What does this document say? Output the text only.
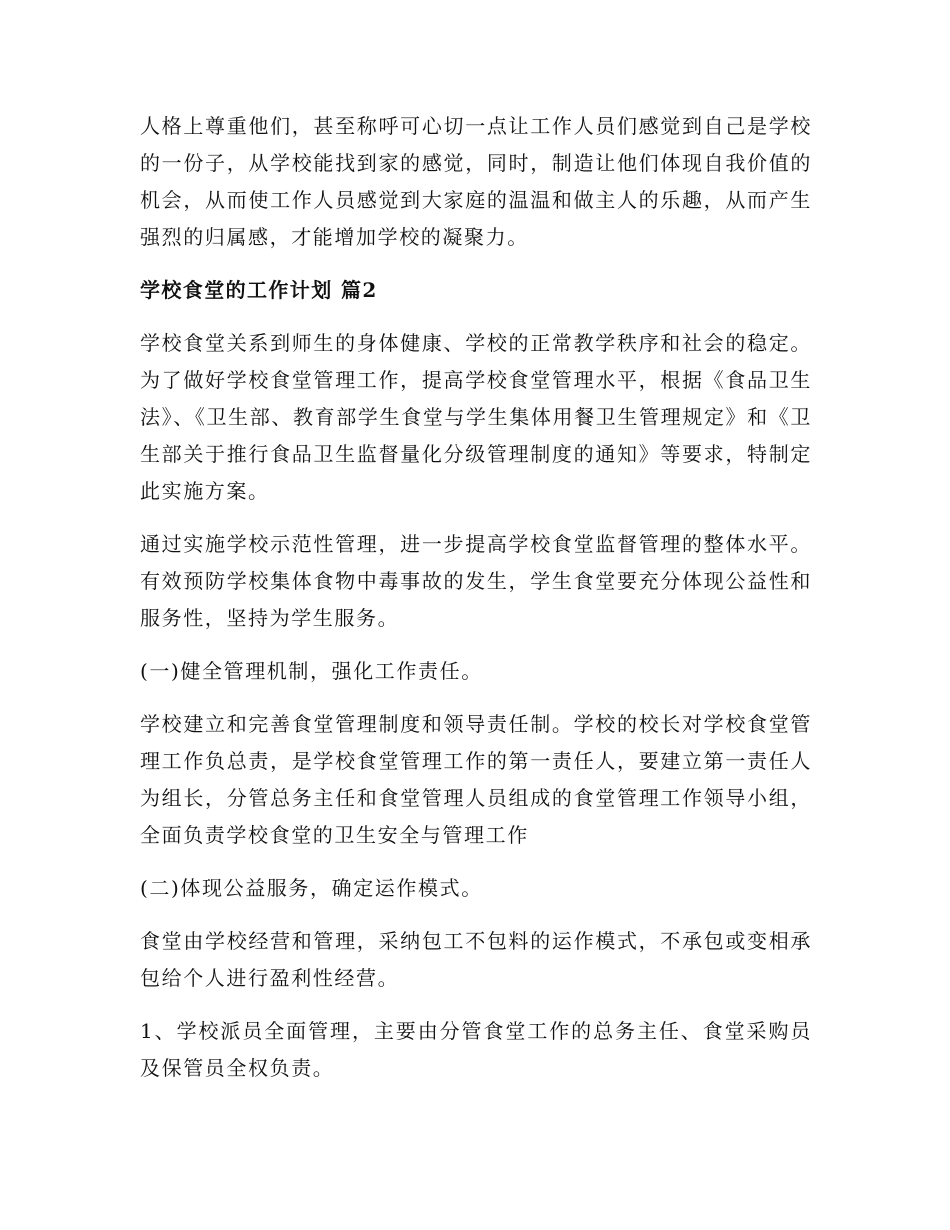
人格上尊重他们，甚至称呼可心切一点让工作人员们感觉到自己是学校的一份子，从学校能找到家的感觉，同时，制造让他们体现自我价值的机会，从而使工作人员感觉到大家庭的温温和做主人的乐趣，从而产生强烈的归属感，才能增加学校的凝聚力。

学校食堂的工作计划 篇2

学校食堂关系到师生的身体健康、学校的正常教学秩序和社会的稳定。为了做好学校食堂管理工作，提高学校食堂管理水平，根据《食品卫生法》、《卫生部、教育部学生食堂与学生集体用餐卫生管理规定》和《卫生部关于推行食品卫生监督量化分级管理制度的通知》等要求，特制定此实施方案。

通过实施学校示范性管理，进一步提高学校食堂监督管理的整体水平。有效预防学校集体食物中毒事故的发生，学生食堂要充分体现公益性和服务性，坚持为学生服务。

(一)健全管理机制，强化工作责任。

学校建立和完善食堂管理制度和领导责任制。学校的校长对学校食堂管理工作负总责，是学校食堂管理工作的第一责任人，要建立第一责任人为组长，分管总务主任和食堂管理人员组成的食堂管理工作领导小组，全面负责学校食堂的卫生安全与管理工作

(二)体现公益服务，确定运作模式。

食堂由学校经营和管理，采纳包工不包料的运作模式，不承包或变相承包给个人进行盈利性经营。

1、学校派员全面管理，主要由分管食堂工作的总务主任、食堂采购员及保管员全权负责。
